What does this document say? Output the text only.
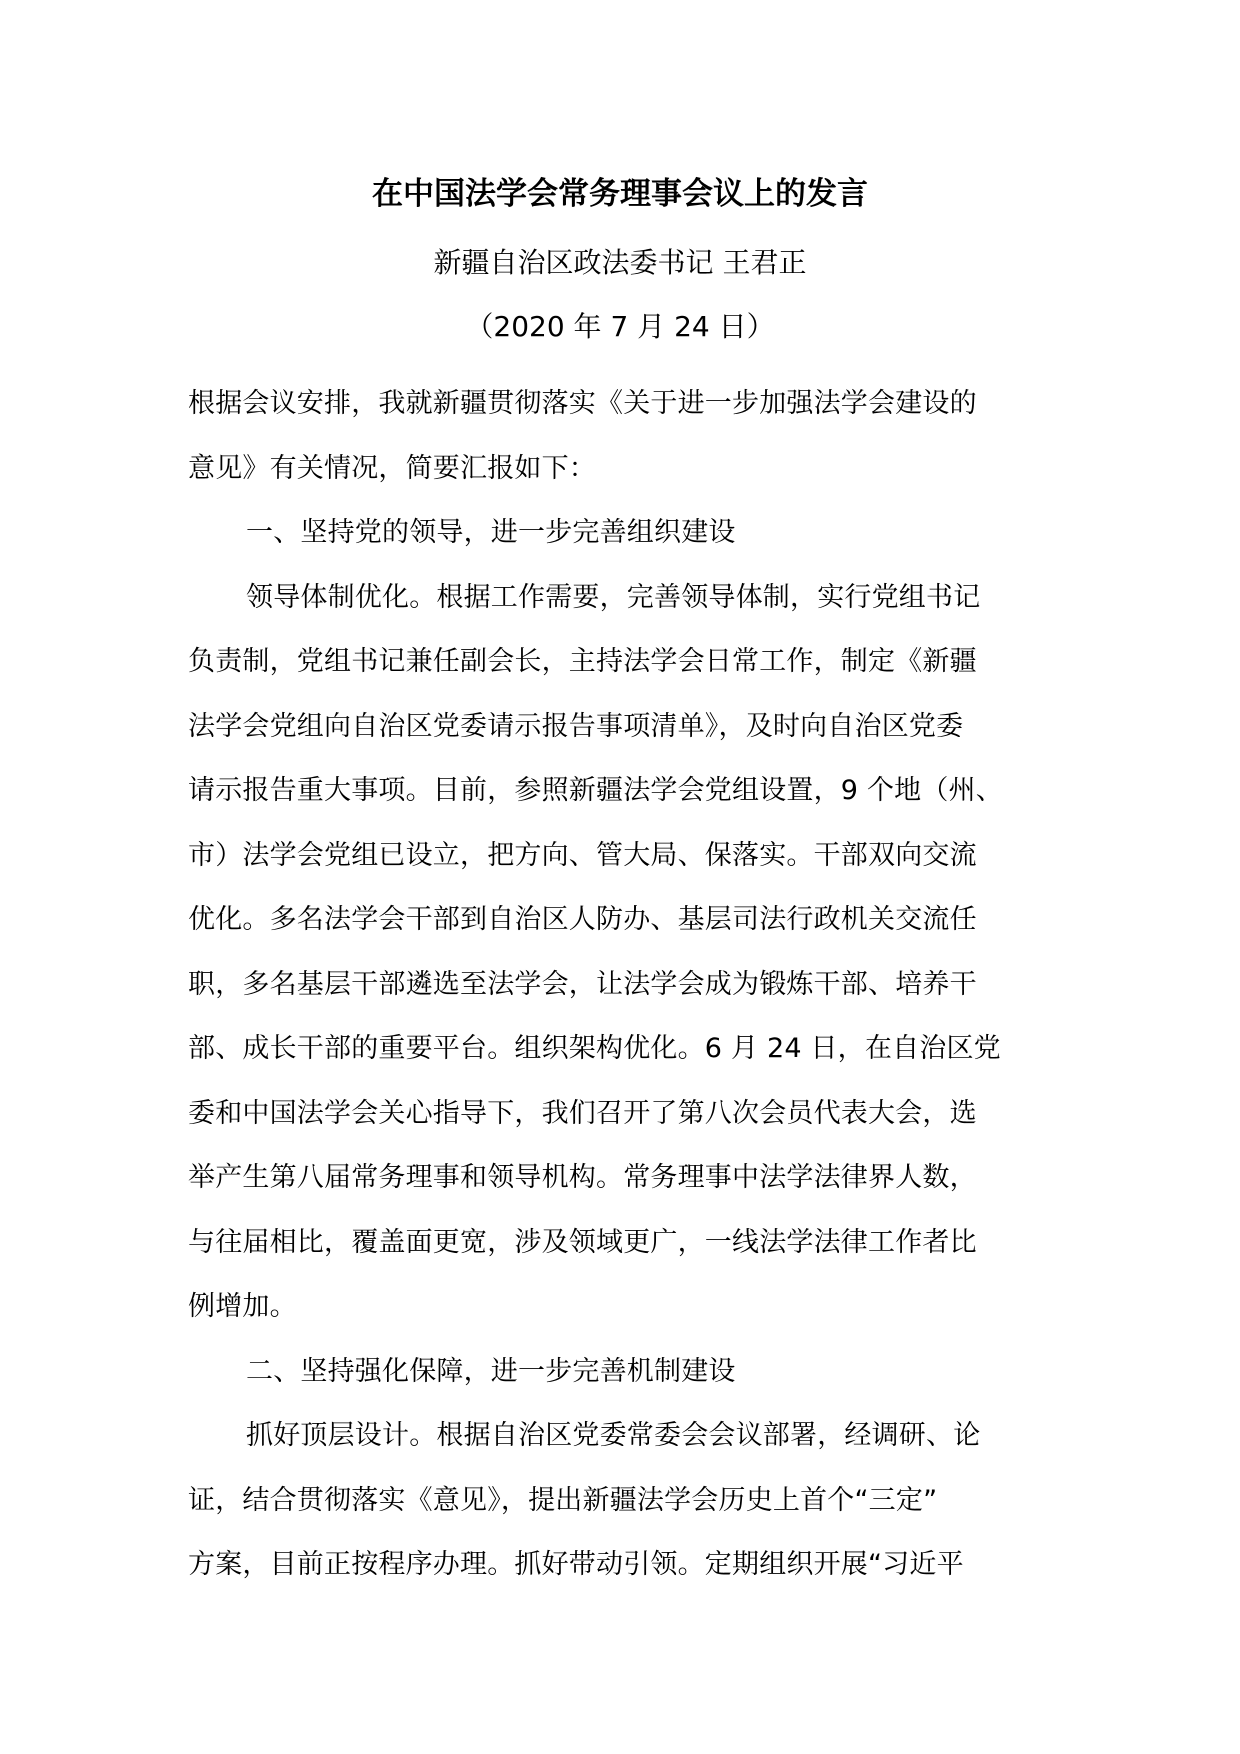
在中国法学会常务理事会议上的发言
新疆自治区政法委书记 王君正
（2020 年 7 月 24 日）
根据会议安排，我就新疆贯彻落实《关于进一步加强法学会建设的
意见》有关情况，简要汇报如下：
一、坚持党的领导，进一步完善组织建设
领导体制优化。根据工作需要，完善领导体制，实行党组书记
负责制，党组书记兼任副会长，主持法学会日常工作，制定《新疆
法学会党组向自治区党委请示报告事项清单》，及时向自治区党委
请示报告重大事项。目前，参照新疆法学会党组设置，9 个地（州、
市）法学会党组已设立，把方向、管大局、保落实。干部双向交流
优化。多名法学会干部到自治区人防办、基层司法行政机关交流任
职，多名基层干部遴选至法学会，让法学会成为锻炼干部、培养干
部、成长干部的重要平台。组织架构优化。6 月 24 日，在自治区党
委和中国法学会关心指导下，我们召开了第八次会员代表大会，选
举产生第八届常务理事和领导机构。常务理事中法学法律界人数，
与往届相比，覆盖面更宽，涉及领域更广，一线法学法律工作者比
例增加。
二、坚持强化保障，进一步完善机制建设
抓好顶层设计。根据自治区党委常委会会议部署，经调研、论
证，结合贯彻落实《意见》，提出新疆法学会历史上首个“三定”
方案，目前正按程序办理。抓好带动引领。定期组织开展“习近平
